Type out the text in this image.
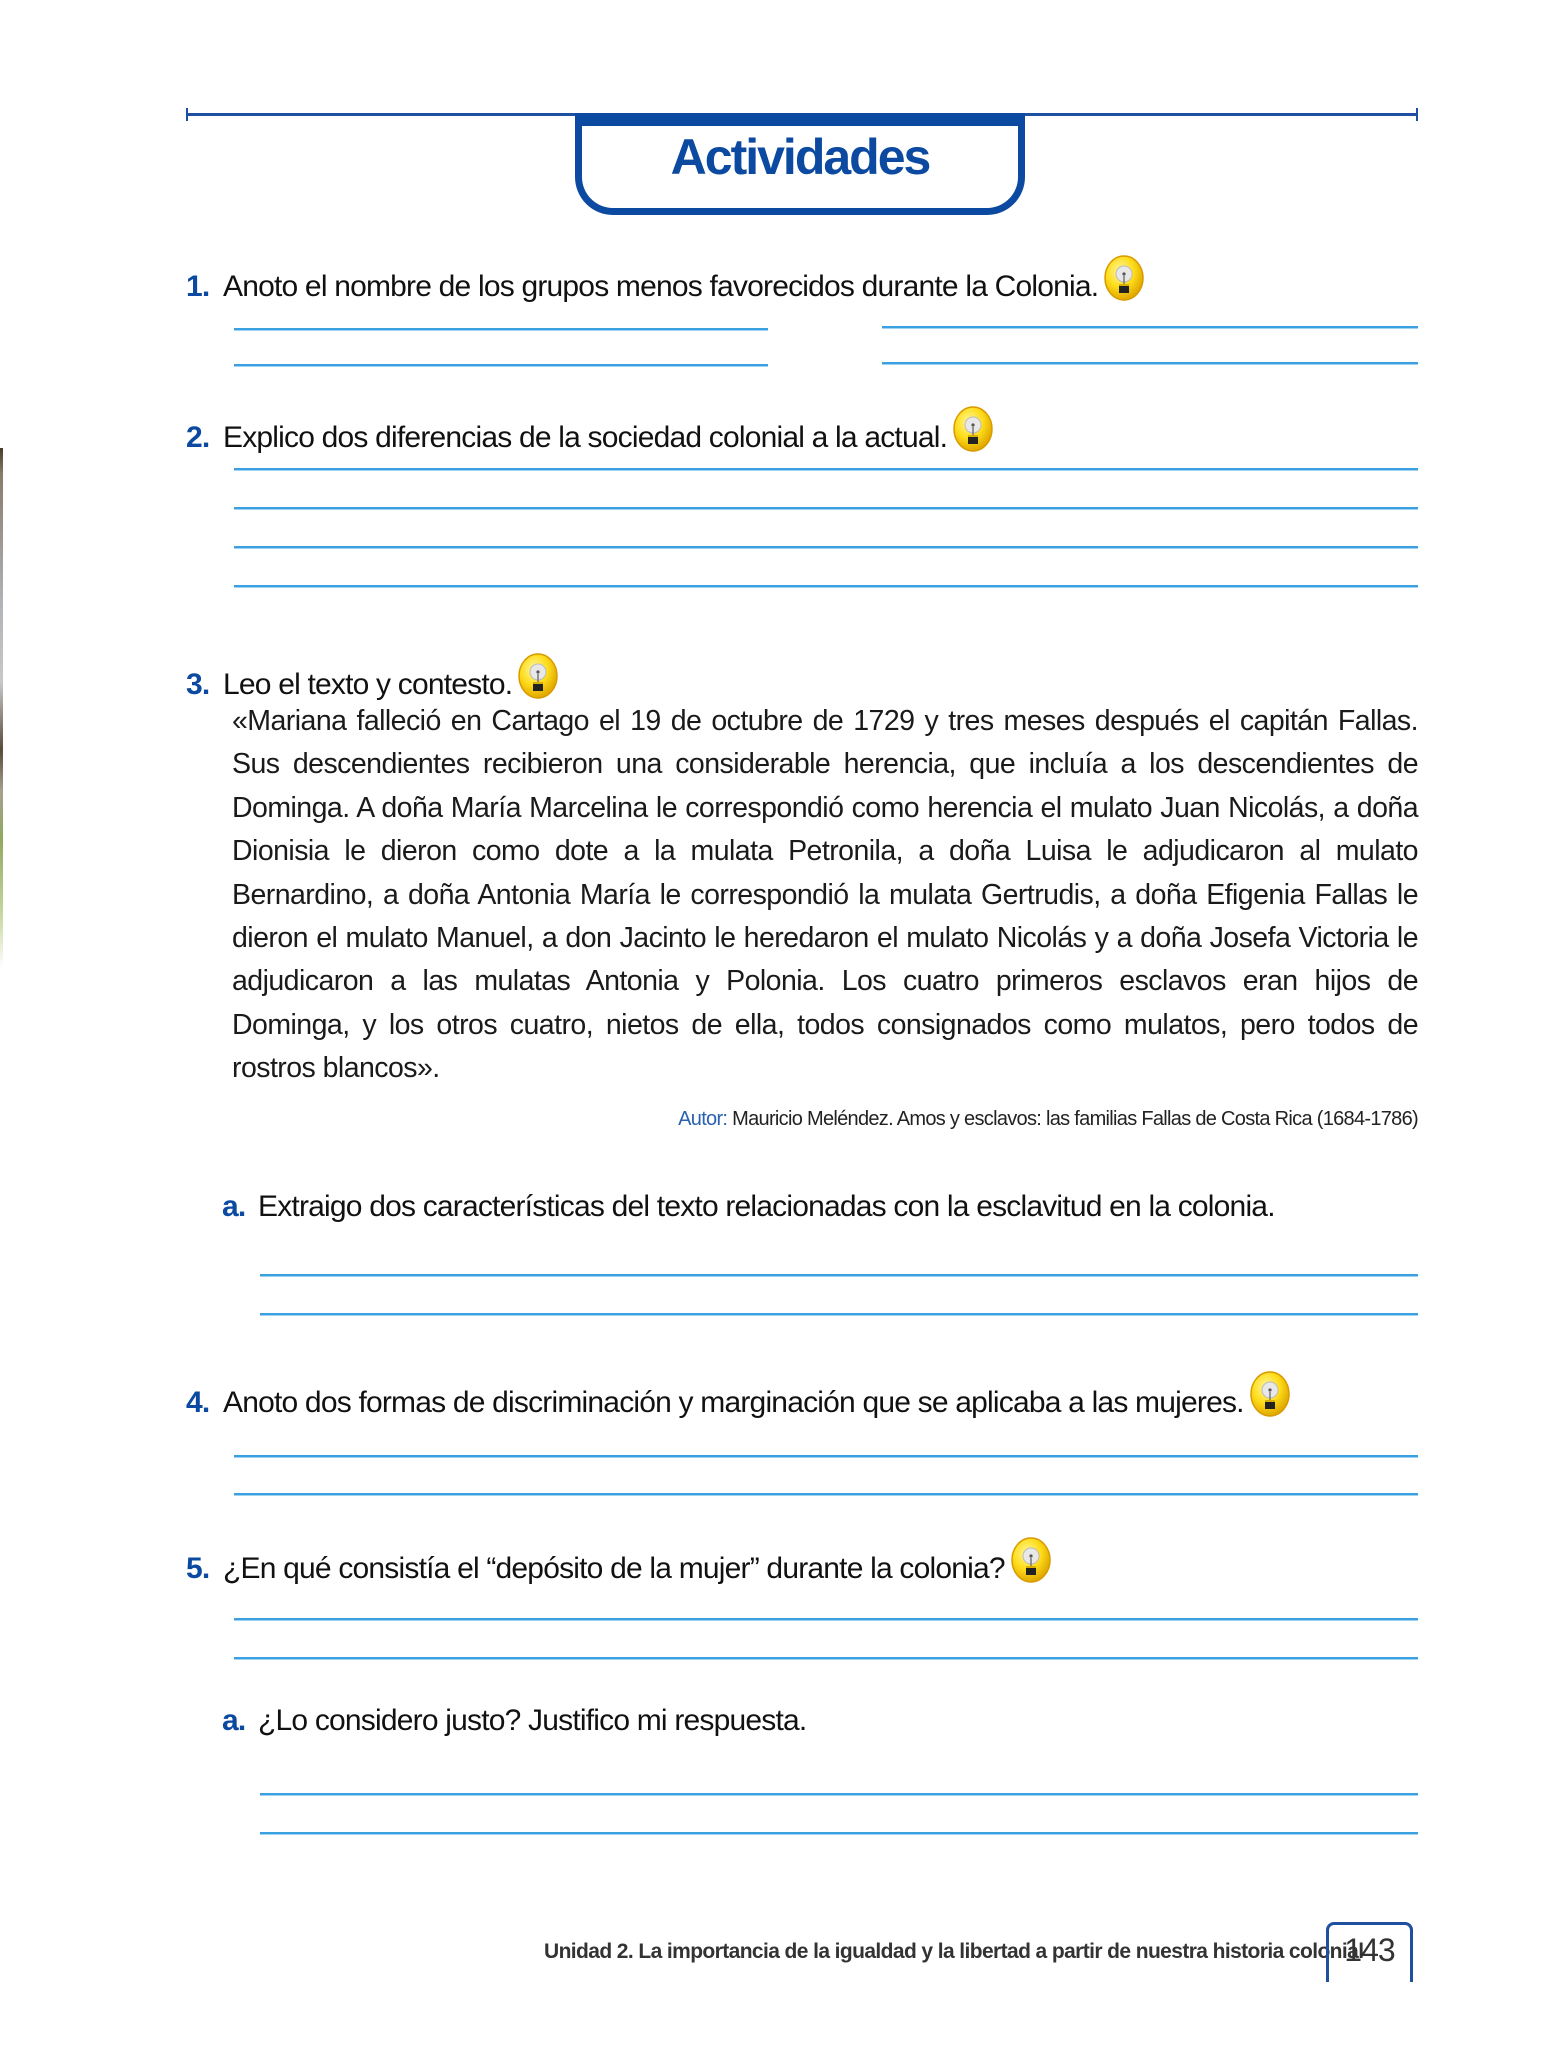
Actividades
1. Anoto el nombre de los grupos menos favorecidos durante la Colonia.
2. Explico dos diferencias de la sociedad colonial a la actual.
3. Leo el texto y contesto.
«Mariana falleció en Cartago el 19 de octubre de 1729 y tres meses después el capitán Fallas. Sus descendientes recibieron una considerable herencia, que incluía a los descendientes de Dominga. A doña María Marcelina le correspondió como herencia el mulato Juan Nicolás, a doña Dionisia le dieron como dote a la mulata Petronila, a doña Luisa le adjudicaron al mulato Bernardino, a doña Antonia María le correspondió la mulata Gertrudis, a doña Efigenia Fallas le dieron el mulato Manuel, a don Jacinto le heredaron el mulato Nicolás y a doña Josefa Victoria le adjudicaron a las mulatas Antonia y Polonia. Los cuatro primeros esclavos eran hijos de Dominga, y los otros cuatro, nietos de ella, todos consignados como mulatos, pero todos de rostros blancos».
Autor: Mauricio Meléndez. Amos y esclavos: las familias Fallas de Costa Rica (1684-1786)
a. Extraigo dos características del texto relacionadas con la esclavitud en la colonia.
4. Anoto dos formas de discriminación y marginación que se aplicaba a las mujeres.
5. ¿En qué consistía el “depósito de la mujer” durante la colonia?
a. ¿Lo considero justo? Justifico mi respuesta.
Unidad 2. La importancia de la igualdad y la libertad a partir de nuestra historia colonial
143
